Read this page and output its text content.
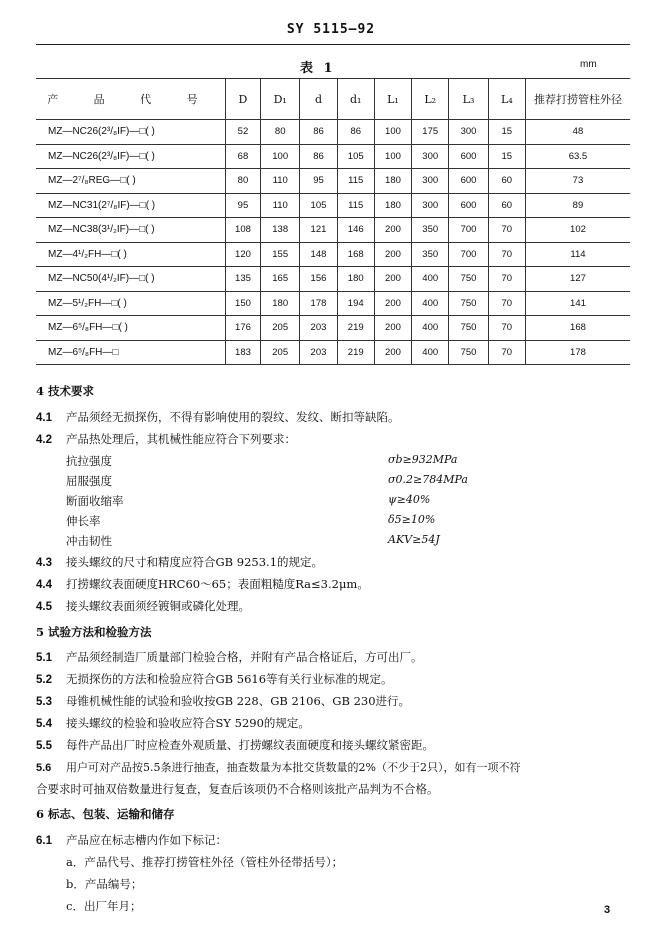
SY 5115—92
表 1	mm
产 品 代 号	D	D₁	d	d₁	L₁	L₂	L₃	L₄	推荐打捞管柱外径
MZ—NC26(2³/₈IF)—□( )	52	80	86	86	100	175	300	15	48
MZ—NC26(2³/₈IF)—□( )	68	100	86	105	100	300	600	15	63.5
MZ—2⁷/₈REG—□( )	80	110	95	115	180	300	600	60	73
MZ—NC31(2⁷/₈IF)—□( )	95	110	105	115	180	300	600	60	89
MZ—NC38(3¹/₂IF)—□( )	108	138	121	146	200	350	700	70	102
MZ—4¹/₂FH—□( )	120	155	148	168	200	350	700	70	114
MZ—NC50(4¹/₂IF)—□( )	135	165	156	180	200	400	750	70	127
MZ—5¹/₂FH—□( )	150	180	178	194	200	400	750	70	141
MZ—6⁵/₈FH—□( )	176	205	203	219	200	400	750	70	168
MZ—6⁵/₈FH—□	183	205	203	219	200	400	750	70	178
4 技术要求
4.1 产品须经无损探伤，不得有影响使用的裂纹、发纹、断扣等缺陷。
4.2 产品热处理后，其机械性能应符合下列要求：
抗拉强度	σb≥932MPa
屈服强度	σ0.2≥784MPa
断面收缩率	ψ≥40%
伸长率	δ5≥10%
冲击韧性	AKV≥54J
4.3 接头螺纹的尺寸和精度应符合GB 9253.1的规定。
4.4 打捞螺纹表面硬度HRC60～65；表面粗糙度Ra≤3.2μm。
4.5 接头螺纹表面须经镀铜或磷化处理。
5 试验方法和检验方法
5.1 产品须经制造厂质量部门检验合格，并附有产品合格证后，方可出厂。
5.2 无损探伤的方法和检验应符合GB 5616等有关行业标准的规定。
5.3 母锥机械性能的试验和验收按GB 228、GB 2106、GB 230进行。
5.4 接头螺纹的检验和验收应符合SY 5290的规定。
5.5 每件产品出厂时应检查外观质量、打捞螺纹表面硬度和接头螺纹紧密距。
5.6 用户可对产品按5.5条进行抽查，抽查数量为本批交货数量的2%（不少于2只），如有一项不符
合要求时可抽双倍数量进行复查，复查后该项仍不合格则该批产品判为不合格。
6 标志、包装、运输和储存
6.1 产品应在标志槽内作如下标记：
a．产品代号、推荐打捞管柱外径（管柱外径带括号）；
b．产品编号；
c．出厂年月；	3
